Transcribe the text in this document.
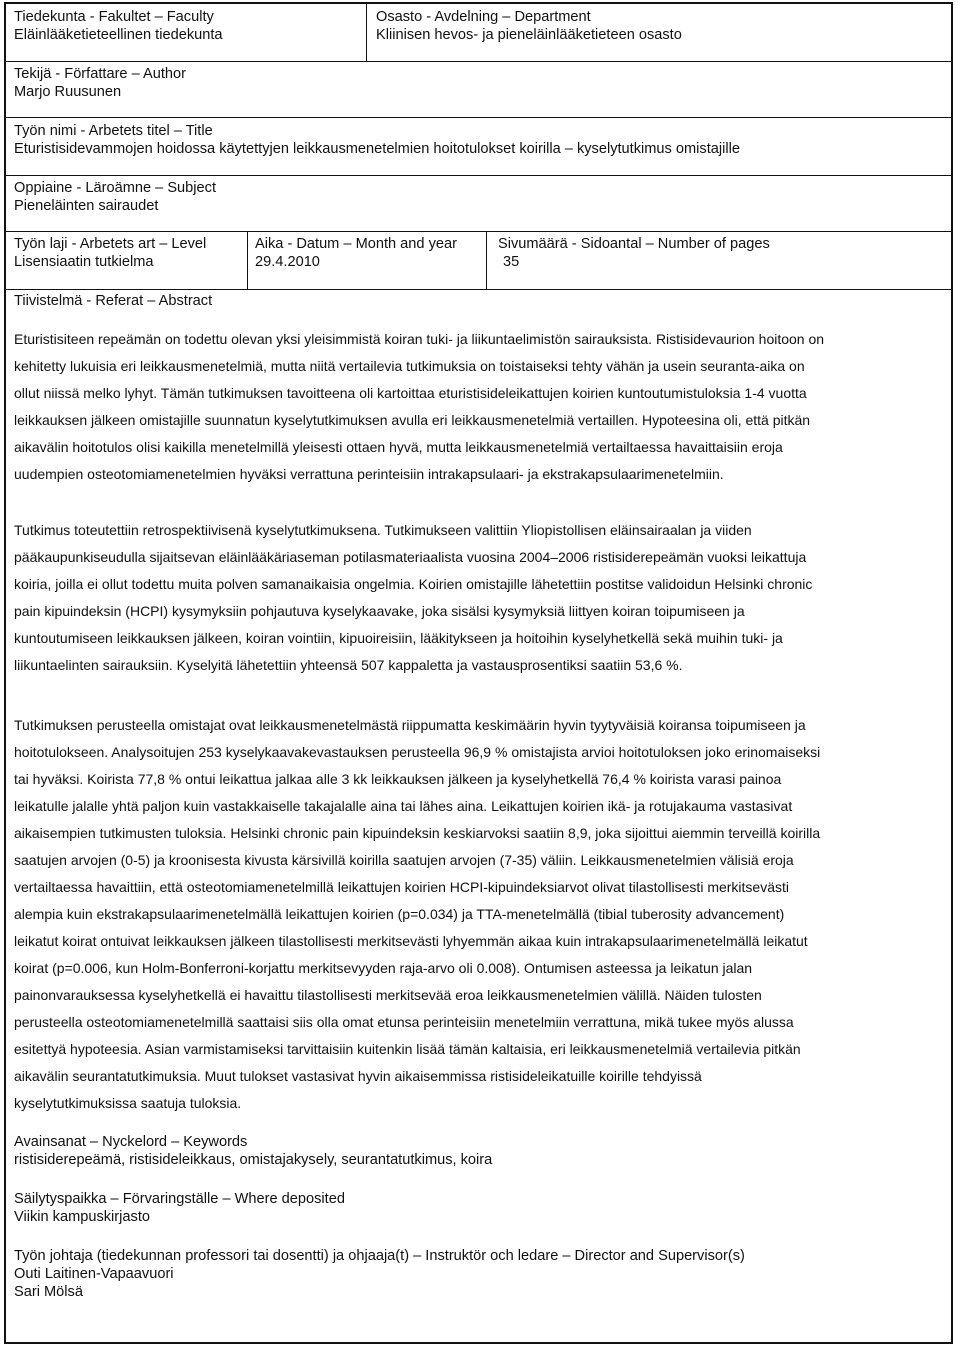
Tiedekunta - Fakultet – Faculty
Eläinlääketieteellinen tiedekunta
Osasto - Avdelning – Department
Kliinisen hevos- ja pieneläinlääketieteen osasto
Tekijä - Författare – Author
Marjo Ruusunen
Työn nimi - Arbetets titel – Title
Eturistisidevammojen hoidossa käytettyjen leikkausmenetelmien hoitotulokset koirilla – kyselytutkimus omistajille
Oppiaine - Läroämne – Subject
Pieneläinten sairaudet
Työn laji - Arbetets art – Level
Lisensiaatin tutkielma
Aika - Datum – Month and year
29.4.2010
Sivumäärä - Sidoantal – Number of pages
35
Tiivistelmä - Referat – Abstract
Eturistisiteen repeämän on todettu olevan yksi yleisimmistä koiran tuki- ja liikuntaelimistön sairauksista. Ristisidevaurion hoitoon on
kehitetty lukuisia eri leikkausmenetelmiä, mutta niitä vertailevia tutkimuksia on toistaiseksi tehty vähän ja usein seuranta-aika on
ollut niissä melko lyhyt. Tämän tutkimuksen tavoitteena oli kartoittaa eturistisideleikattujen koirien kuntoutumistuloksia 1-4 vuotta
leikkauksen jälkeen omistajille suunnatun kyselytutkimuksen avulla eri leikkausmenetelmiä vertaillen. Hypoteesina oli, että pitkän
aikavälin hoitotulos olisi kaikilla menetelmillä yleisesti ottaen hyvä, mutta leikkausmenetelmiä vertailtaessa havaittaisiin eroja
uudempien osteotomiamenetelmien hyväksi verrattuna perinteisiin intrakapsulaari- ja ekstrakapsulaarimenetelmiin.
Tutkimus toteutettiin retrospektiivisenä kyselytutkimuksena. Tutkimukseen valittiin Yliopistollisen eläinsairaalan ja viiden
pääkaupunkiseudulla sijaitsevan eläinlääkäriaseman potilasmateriaalista vuosina 2004–2006 ristisiderepeämän vuoksi leikattuja
koiria, joilla ei ollut todettu muita polven samanaikaisia ongelmia. Koirien omistajille lähetettiin postitse validoidun Helsinki chronic
pain kipuindeksin (HCPI) kysymyksiin pohjautuva kyselykaavake, joka sisälsi kysymyksiä liittyen koiran toipumiseen ja
kuntoutumiseen leikkauksen jälkeen, koiran vointiin, kipuoireisiin, lääkitykseen ja hoitoihin kyselyhetkellä sekä muihin tuki- ja
liikuntaelinten sairauksiin. Kyselyitä lähetettiin yhteensä 507 kappaletta ja vastausprosentiksi saatiin 53,6 %.
Tutkimuksen perusteella omistajat ovat leikkausmenetelmästä riippumatta keskimäärin hyvin tyytyväisiä koiransa toipumiseen ja
hoitotulokseen. Analysoitujen 253 kyselykaavakevastauksen perusteella 96,9 % omistajista arvioi hoitotuloksen joko erinomaiseksi
tai hyväksi. Koirista 77,8 % ontui leikattua jalkaa alle 3 kk leikkauksen jälkeen ja kyselyhetkellä 76,4 % koirista varasi painoa
leikatulle jalalle yhtä paljon kuin vastakkaiselle takajalalle aina tai lähes aina. Leikattujen koirien ikä- ja rotujakauma vastasivat
aikaisempien tutkimusten tuloksia. Helsinki chronic pain kipuindeksin keskiarvoksi saatiin 8,9, joka sijoittui aiemmin terveillä koirilla
saatujen arvojen (0-5) ja kroonisesta kivusta kärsivillä koirilla saatujen arvojen (7-35) väliin. Leikkausmenetelmien välisiä eroja
vertailtaessa havaittiin, että osteotomiamenetelmillä leikattujen koirien HCPI-kipuindeksiarvot olivat tilastollisesti merkitsevästi
alempia kuin ekstrakapsulaarimenetelmällä leikattujen koirien (p=0.034) ja TTA-menetelmällä (tibial tuberosity advancement)
leikatut koirat ontuivat leikkauksen jälkeen tilastollisesti merkitsevästi lyhyemmän aikaa kuin intrakapsulaarimenetelmällä leikatut
koirat (p=0.006, kun Holm-Bonferroni-korjattu merkitsevyyden raja-arvo oli 0.008). Ontumisen asteessa ja leikatun jalan
painonvarauksessa kyselyhetkellä ei havaittu tilastollisesti merkitsevää eroa leikkausmenetelmien välillä. Näiden tulosten
perusteella osteotomiamenetelmillä saattaisi siis olla omat etunsa perinteisiin menetelmiin verrattuna, mikä tukee myös alussa
esitettyä hypoteesia. Asian varmistamiseksi tarvittaisiin kuitenkin lisää tämän kaltaisia, eri leikkausmenetelmiä vertailevia pitkän
aikavälin seurantatutkimuksia. Muut tulokset vastasivat hyvin aikaisemmissa ristisideleikatuille koirille tehdyissä
kyselytutkimuksissa saatuja tuloksia.
Avainsanat – Nyckelord – Keywords
ristisiderepeämä, ristisideleikkaus, omistajakysely, seurantatutkimus, koira
Säilytyspaikka – Förvaringställe – Where deposited
Viikin kampuskirjasto
Työn johtaja (tiedekunnan professori tai dosentti) ja ohjaaja(t) – Instruktör och ledare – Director and Supervisor(s)
Outi Laitinen-Vapaavuori
Sari Mölsä
